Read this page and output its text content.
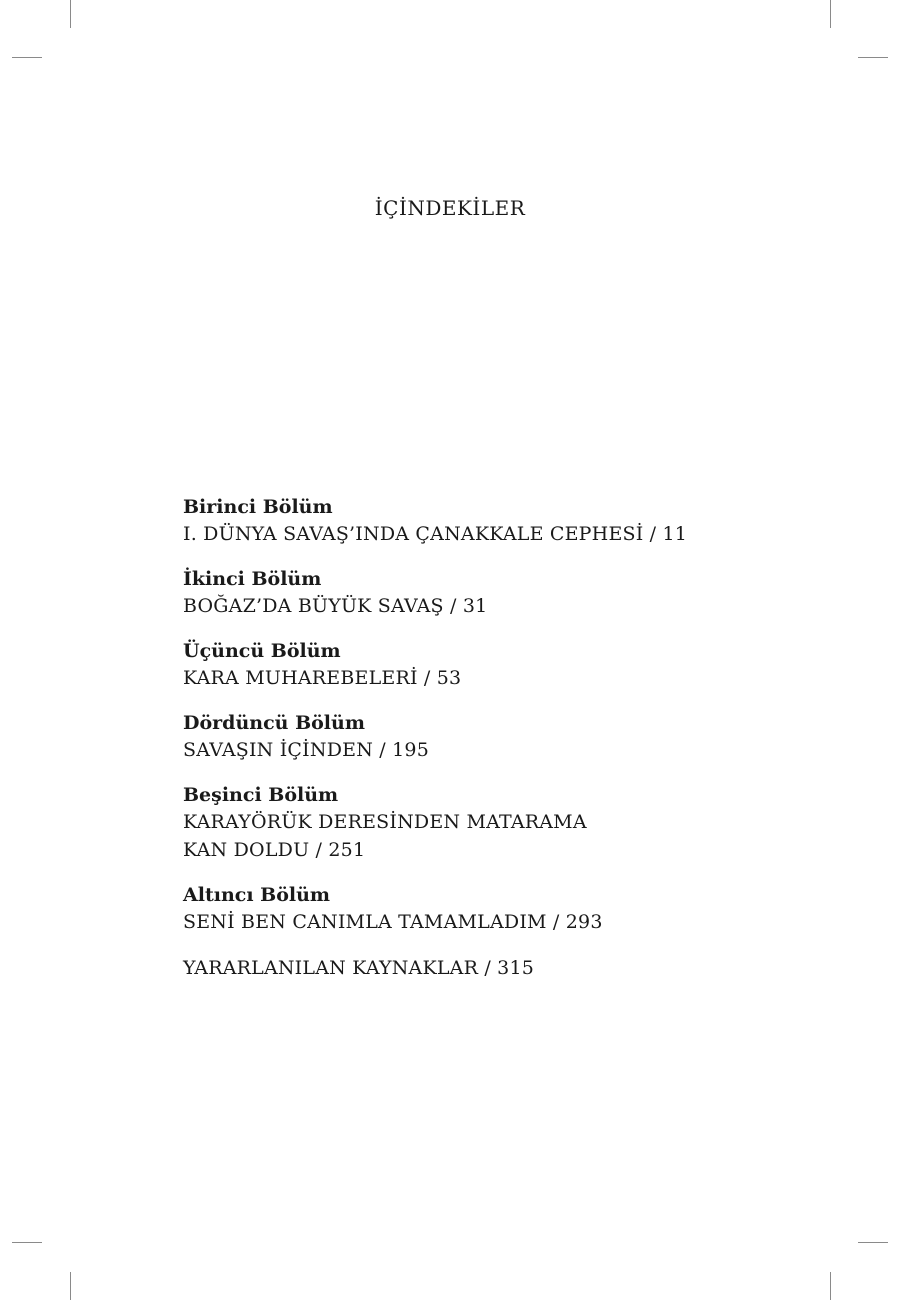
İÇİNDEKİLER
Birinci Bölüm
I. DÜNYA SAVAŞ’INDA ÇANAKKALE CEPHESİ / 11
İkinci Bölüm
BOĞAZ’DA BÜYÜK SAVAŞ / 31
Üçüncü Bölüm
KARA MUHAREBELERİ / 53
Dördüncü Bölüm
SAVAŞIN İÇİNDEN / 195
Beşinci Bölüm
KARAYÖRÜK DERESİNDEN MATARAMA
KAN DOLDU / 251
Altıncı Bölüm
SENİ BEN CANIMLA TAMAMLADIM / 293
YARARLANILAN KAYNAKLAR / 315
